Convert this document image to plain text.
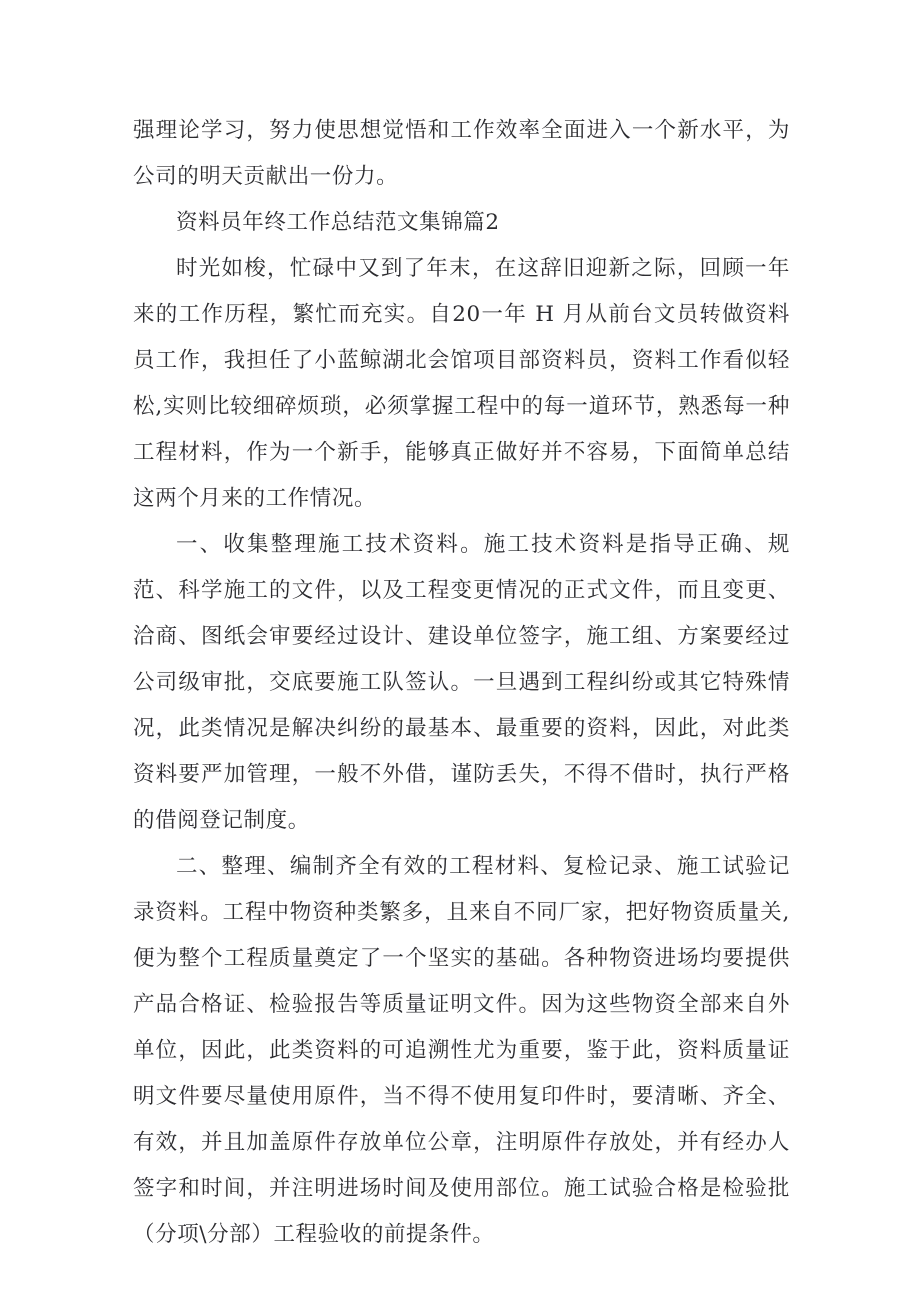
强理论学习，努力使思想觉悟和工作效率全面进入一个新水平，为公司的明天贡献出一份力。

资料员年终工作总结范文集锦篇2

时光如梭，忙碌中又到了年末，在这辞旧迎新之际，回顾一年来的工作历程，繁忙而充实。自20一年 H 月从前台文员转做资料员工作，我担任了小蓝鲸湖北会馆项目部资料员，资料工作看似轻松,实则比较细碎烦琐，必须掌握工程中的每一道环节，熟悉每一种工程材料，作为一个新手，能够真正做好并不容易，下面简单总结这两个月来的工作情况。

一、收集整理施工技术资料。施工技术资料是指导正确、规范、科学施工的文件，以及工程变更情况的正式文件，而且变更、洽商、图纸会审要经过设计、建设单位签字，施工组、方案要经过公司级审批，交底要施工队签认。一旦遇到工程纠纷或其它特殊情况，此类情况是解决纠纷的最基本、最重要的资料，因此，对此类资料要严加管理，一般不外借，谨防丢失，不得不借时，执行严格的借阅登记制度。

二、整理、编制齐全有效的工程材料、复检记录、施工试验记录资料。工程中物资种类繁多，且来自不同厂家，把好物资质量关,便为整个工程质量奠定了一个坚实的基础。各种物资进场均要提供产品合格证、检验报告等质量证明文件。因为这些物资全部来自外单位，因此，此类资料的可追溯性尤为重要，鉴于此，资料质量证明文件要尽量使用原件，当不得不使用复印件时，要清晰、齐全、有效，并且加盖原件存放单位公章，注明原件存放处，并有经办人签字和时间，并注明进场时间及使用部位。施工试验合格是检验批（分项\分部）工程验收的前提条件。
